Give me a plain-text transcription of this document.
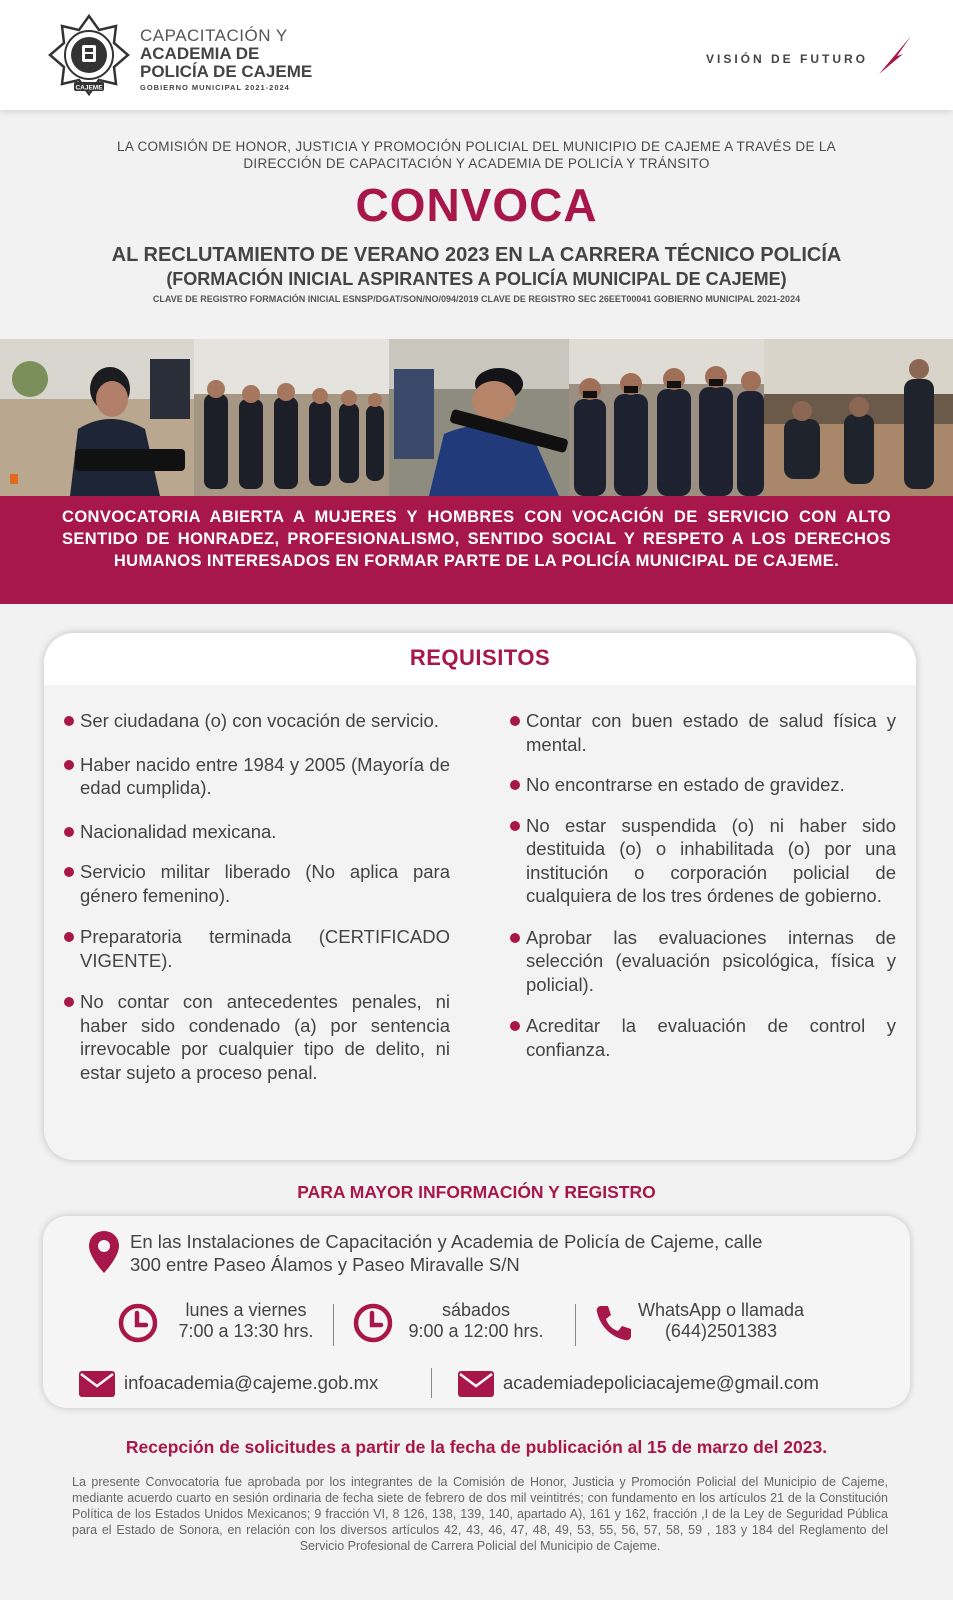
CAJEME
CAPACITACIÓN Y
ACADEMIA DE
POLICÍA DE CAJEME
GOBIERNO MUNICIPAL 2021-2024
VISIÓN DE FUTURO
LA COMISIÓN DE HONOR, JUSTICIA Y PROMOCIÓN POLICIAL DEL MUNICIPIO DE CAJEME A TRAVÉS DE LA
DIRECCIÓN DE CAPACITACIÓN Y ACADEMIA DE POLICÍA Y TRÁNSITO
CONVOCA
AL RECLUTAMIENTO DE VERANO 2023 EN LA CARRERA TÉCNICO POLICÍA
(FORMACIÓN INICIAL ASPIRANTES A POLICÍA MUNICIPAL DE CAJEME)
CLAVE DE REGISTRO FORMACIÓN INICIAL ESNSP/DGAT/SON/NO/094/2019 CLAVE DE REGISTRO SEC 26EET00041 GOBIERNO MUNICIPAL 2021-2024
CONVOCATORIA ABIERTA A MUJERES Y HOMBRES CON VOCACIÓN DE SERVICIO CON ALTO SENTIDO DE HONRADEZ, PROFESIONALISMO, SENTIDO SOCIAL Y RESPETO A LOS DERECHOS HUMANOS INTERESADOS EN FORMAR PARTE DE LA POLICÍA MUNICIPAL DE CAJEME.
REQUISITOS
Ser ciudadana (o) con vocación de servicio.
Haber nacido entre 1984 y 2005 (Mayoría de edad cumplida).
Nacionalidad mexicana.
Servicio militar liberado (No aplica para género femenino).
Preparatoria terminada (CERTIFICADO VIGENTE).
No contar con antecedentes penales, ni haber sido condenado (a) por sentencia irrevocable por cualquier tipo de delito, ni estar sujeto a proceso penal.
Contar con buen estado de salud física y mental.
No encontrarse en estado de gravidez.
No estar suspendida (o) ni haber sido destituida (o) o inhabilitada (o) por una institución o corporación policial de cualquiera de los tres órdenes de gobierno.
Aprobar las evaluaciones internas de selección (evaluación psicológica, física y policial).
Acreditar la evaluación de control y confianza.
PARA MAYOR INFORMACIÓN Y REGISTRO
En las Instalaciones de Capacitación y Academia de Policía de Cajeme, calle
300 entre Paseo Álamos y Paseo Miravalle S/N
lunes a viernes
7:00 a 13:30 hrs.
sábados
9:00 a 12:00 hrs.
WhatsApp o llamada
(644)2501383
infoacademia@cajeme.gob.mx	academiadepoliciacajeme@gmail.com
Recepción de solicitudes a partir de la fecha de publicación al 15 de marzo del 2023.
La presente Convocatoria fue aprobada por los integrantes de la Comisión de Honor, Justicia y Promoción Policial del Municipio de Cajeme, mediante acuerdo cuarto en sesión ordinaria de fecha siete de febrero de dos mil veintitrés; con fundamento en los artículos 21 de la Constitución Política de los Estados Unidos Mexicanos; 9 fracción VI, 8 126, 138, 139, 140, apartado A), 161 y 162, fracción ,I de la Ley de Seguridad Pública para el Estado de Sonora, en relación con los diversos artículos 42, 43, 46, 47, 48, 49, 53, 55, 56, 57, 58, 59 , 183 y 184 del Reglamento del Servicio Profesional de Carrera Policial del Municipio de Cajeme.
